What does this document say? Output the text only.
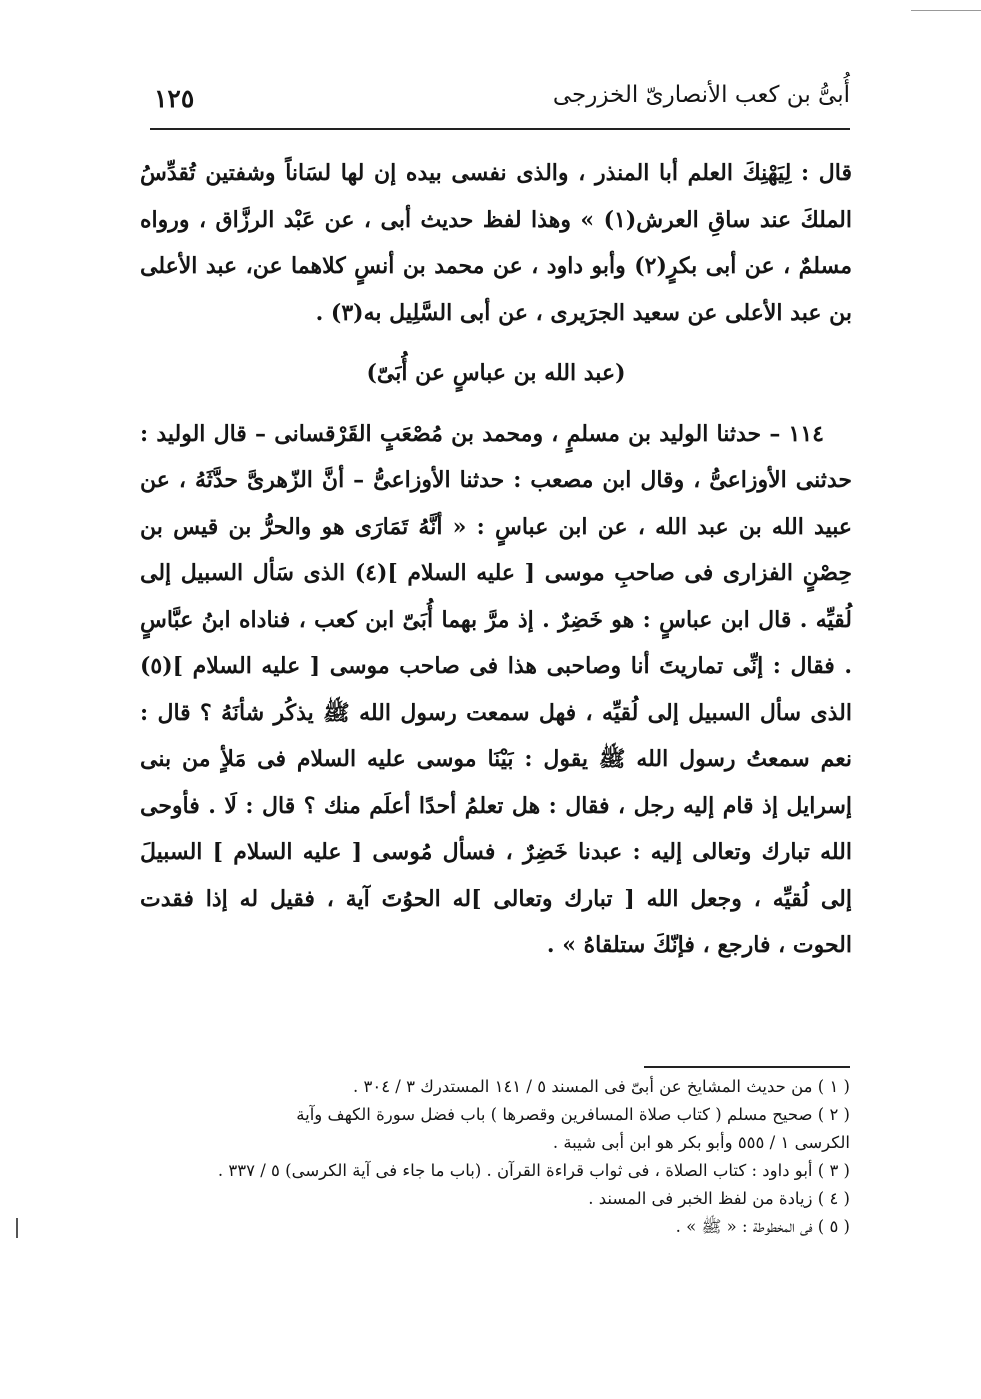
١٢٥	أُبىُّ بن كعب الأنصارىّ الخزرجى

قال : لِيَهْنِكَ العلم أبا المنذر ، والذى نفسى بيده إن لها لسَاناً وشفتين تُقدِّسُ الملكَ عند ساقِ العرش(١) » وهذا لفظ حديث أبى ، عن عَبْد الرزَّاق ، ورواه مسلمٌ ، عن أبى بكرٍ(٢) وأبو داود ، عن محمد بن أنسٍ كلاهما عن، عبد الأعلى بن عبد الأعلى عن سعيد الجرَيرى ، عن أبى السَّلِيل به(٣) .

(عبد الله بن عباسٍ عن أُبَىّ)

١١٤ – حدثنا الوليد بن مسلمٍ ، ومحمد بن مُصْعَبٍ القَرْقسانى – قال الوليد : حدثنى الأوزاعىُّ ، وقال ابن مصعب : حدثنا الأوزاعىُّ – أنَّ الزّهرىَّ حدَّثَهُ ، عن عبيد الله بن عبد الله ، عن ابن عباسٍ : « أنَّهُ تَمَارَى هو والحرُّ بن قيس بن حِصْنٍ الفزارى فى صاحبِ موسى [ عليه السلام ](٤) الذى سَأل السبيل إلى لُقيِّه . قال ابن عباسٍ : هو خَضِرٌ . إذ مرَّ بهما أُبَىّ ابن كعب ، فناداه ابنُ عبَّاسٍ . فقال : إنِّى تماريتَ أنا وصاحبى هذا فى صاحب موسى [ عليه السلام ](٥) الذى سأل السبيل إلى لُقيِّه ، فهل سمعت رسول الله ﷺ يذكُر شأنَهُ ؟ قال : نعم سمعتُ رسول الله ﷺ يقول : بَيْنَا موسى عليه السلام فى مَلأٍ من بنى إسرايل إذ قام إليه رجل ، فقال : هل تعلمُ أحدًا أعلَم منك ؟ قال : لَا . فأوحى الله تبارك وتعالى إليه : عبدنا خَضِرٌ ، فسأل مُوسى [ عليه السلام ] السبيلَ إلى لُقيِّه ، وجعل الله [ تبارك وتعالى ]له الحوُتَ آية ، فقيل له إذا فقدت الحوت ، فارجع ، فإنّكَ ستلقاهُ » .

( ١ ) من حديث المشايخ عن أبىّ فى المسند ٥ / ١٤١ المستدرك ٣ / ٣٠٤ .

( ٢ ) صحيح مسلم ( كتاب صلاة المسافرين وقصرها ) باب فضل سورة الكهف وآية

الكرسى ١ / ٥٥٥ وأبو بكر هو ابن أبى شيبة .

( ٣ ) أبو داود : كتاب الصلاة ، فى ثواب قراءة القرآن . (باب ما جاء فى آية الكرسى) ٥ / ٣٣٧ .

( ٤ ) زيادة من لفظ الخبر فى المسند .

( ٥ ) فى المخطوطة : « ﷺ » .
